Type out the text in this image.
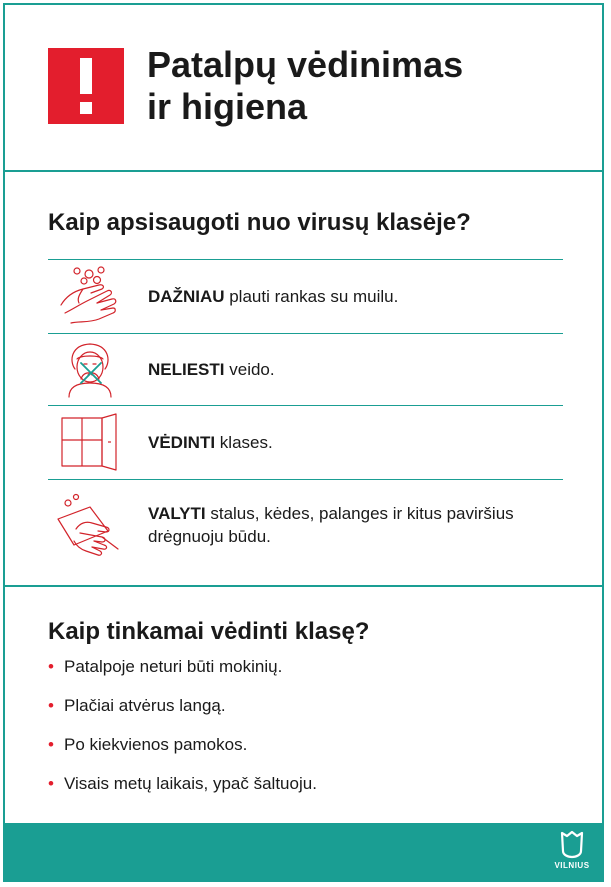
Patalpų vėdinimas
ir higiena
Kaip apsisaugoti nuo virusų klasėje?
DAŽNIAU plauti rankas su muilu.
NELIESTI veido.
VĖDINTI klases.
VALYTI stalus, kėdes, palanges ir kitus paviršius drėgnuoju būdu.
Kaip tinkamai vėdinti klasę?
• Patalpoje neturi būti mokinių.
• Plačiai atvėrus langą.
• Po kiekvienos pamokos.
• Visais metų laikais, ypač šaltuoju.
VILNIUS
